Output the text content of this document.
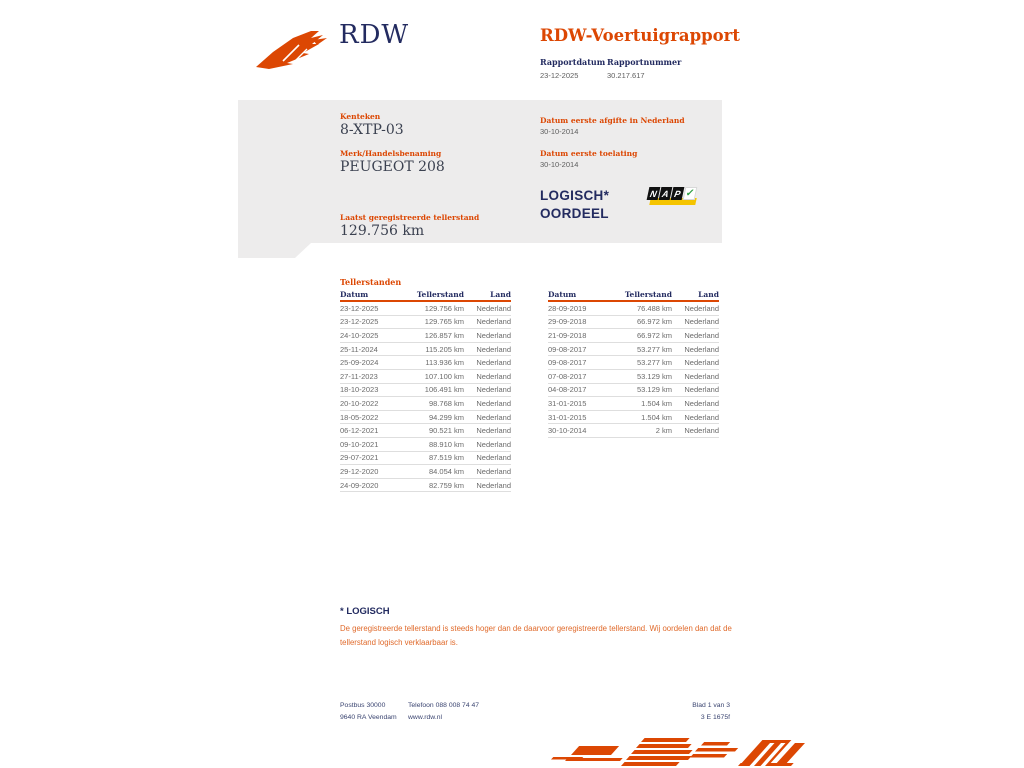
RDW	RDW-Voertuigrapport
Rapportdatum
23-12-2025
Rapportnummer
30.217.617
Kenteken
8-XTP-03
Merk/Handelsbenaming
PEUGEOT 208
Laatst geregistreerde tellerstand
129.756 km
Datum eerste afgifte in Nederland
30-10-2014
Datum eerste toelating
30-10-2014
LOGISCH*
OORDEEL
N A P ✓
Tellerstanden
Datum	Tellerstand	Land
23-12-2025	129.756 km	Nederland
23-12-2025	129.765 km	Nederland
24-10-2025	126.857 km	Nederland
25-11-2024	115.205 km	Nederland
25-09-2024	113.936 km	Nederland
27-11-2023	107.100 km	Nederland
18-10-2023	106.491 km	Nederland
20-10-2022	98.768 km	Nederland
18-05-2022	94.299 km	Nederland
06-12-2021	90.521 km	Nederland
09-10-2021	88.910 km	Nederland
29-07-2021	87.519 km	Nederland
29-12-2020	84.054 km	Nederland
24-09-2020	82.759 km	Nederland
Datum	Tellerstand	Land
28-09-2019	76.488 km	Nederland
29-09-2018	66.972 km	Nederland
21-09-2018	66.972 km	Nederland
09-08-2017	53.277 km	Nederland
09-08-2017	53.277 km	Nederland
07-08-2017	53.129 km	Nederland
04-08-2017	53.129 km	Nederland
31-01-2015	1.504 km	Nederland
31-01-2015	1.504 km	Nederland
30-10-2014	2 km	Nederland
* LOGISCH
De geregistreerde tellerstand is steeds hoger dan de daarvoor geregistreerde tellerstand. Wij oordelen dan dat de tellerstand logisch verklaarbaar is.
Postbus 30000
9640 RA Veendam
Telefoon 088 008 74 47
www.rdw.nl
Blad 1 van 3
3 E 1675f
